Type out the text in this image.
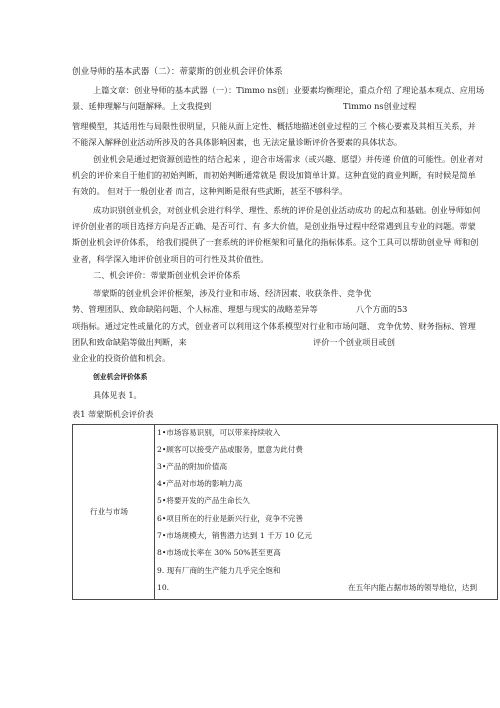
创业导师的基本武器（二）：蒂蒙斯的创业机会评价体系
上篇文章：创业导师的基本武器（一）：Timmo ns创」业要素均衡理论，重点介绍 了理论基本观点、应用场
景、延伸理解与问题解释。上文我提到	Timmo ns创业过程
管理模型，其适用性与局限性很明显，只能从面上定性、概括地描述创业过程的三 个核心要素及其相互关系，并
不能深入解释创业活动所涉及的各具体影响因素，也 无法定量诊断评价各要素的具体状态。
创业机会是通过把资源创造性的结合起来 ，迎合市场需求（或兴趣、愿望）并传递 价值的可能性。创业者对
机会的评价来自于他们的初始判断，而初始判断通常就是 假设加简单计算。这种直觉的商业判断，有时候是简单
有效的。 但对于一般创业者 而言，这种判断是很有些武断，甚至不够科学。
成功识别创业机会，对创业机会进行科学、理性、系统的评价是创业活动成功 的起点和基础。创业导师如何
评价创业者的项目选择方向是否正确、是否可行、有 多大价值，是创业指导过程中经常遇到且专业的问题。蒂蒙
斯创业机会评价体系， 给我们提供了一套系统的评价框架和可量化的指标体系。这个工具可以帮助创业导 师和创
业者，科学深入地评价创业项目的可行性及其价值性。
二、机会评价：蒂蒙斯创业机会评价体系
蒂蒙斯的创业机会评价框架，涉及行业和市场、经济因素、收获条件、竞争优
势、管理团队、致命缺陷问题、个人标准、理想与现实的战略差异等	八个方面的53
项指标。通过定性或量化的方式，创业者可以利用这个体系模型对行业和市场问题、 竞争优势、财务指标、管理
团队和致命缺陷等做出判断，来	评价一个创业项目或创
业企业的投资价值和机会。
创业机会评价体系
具体见表 1。
表1 蒂蒙斯机会评价表
行业与市场
1•市场容易识别，可以带来持续收入
2•顾客可以接受产品或服务，愿意为此付费
3•产品的附加价值高
4•产品对市场的影响力高
5•将要开发的产品生命长久
6•项目所在的行业是新兴行业，竞争不完善
7•市场规模大，销售潜力达到 1 千万 10 亿元
8•市场成长率在 30% 50%甚至更高
9. 现有厂商的生产能力几乎完全饱和
10.	在五年内能占据市场的领导地位，达到
